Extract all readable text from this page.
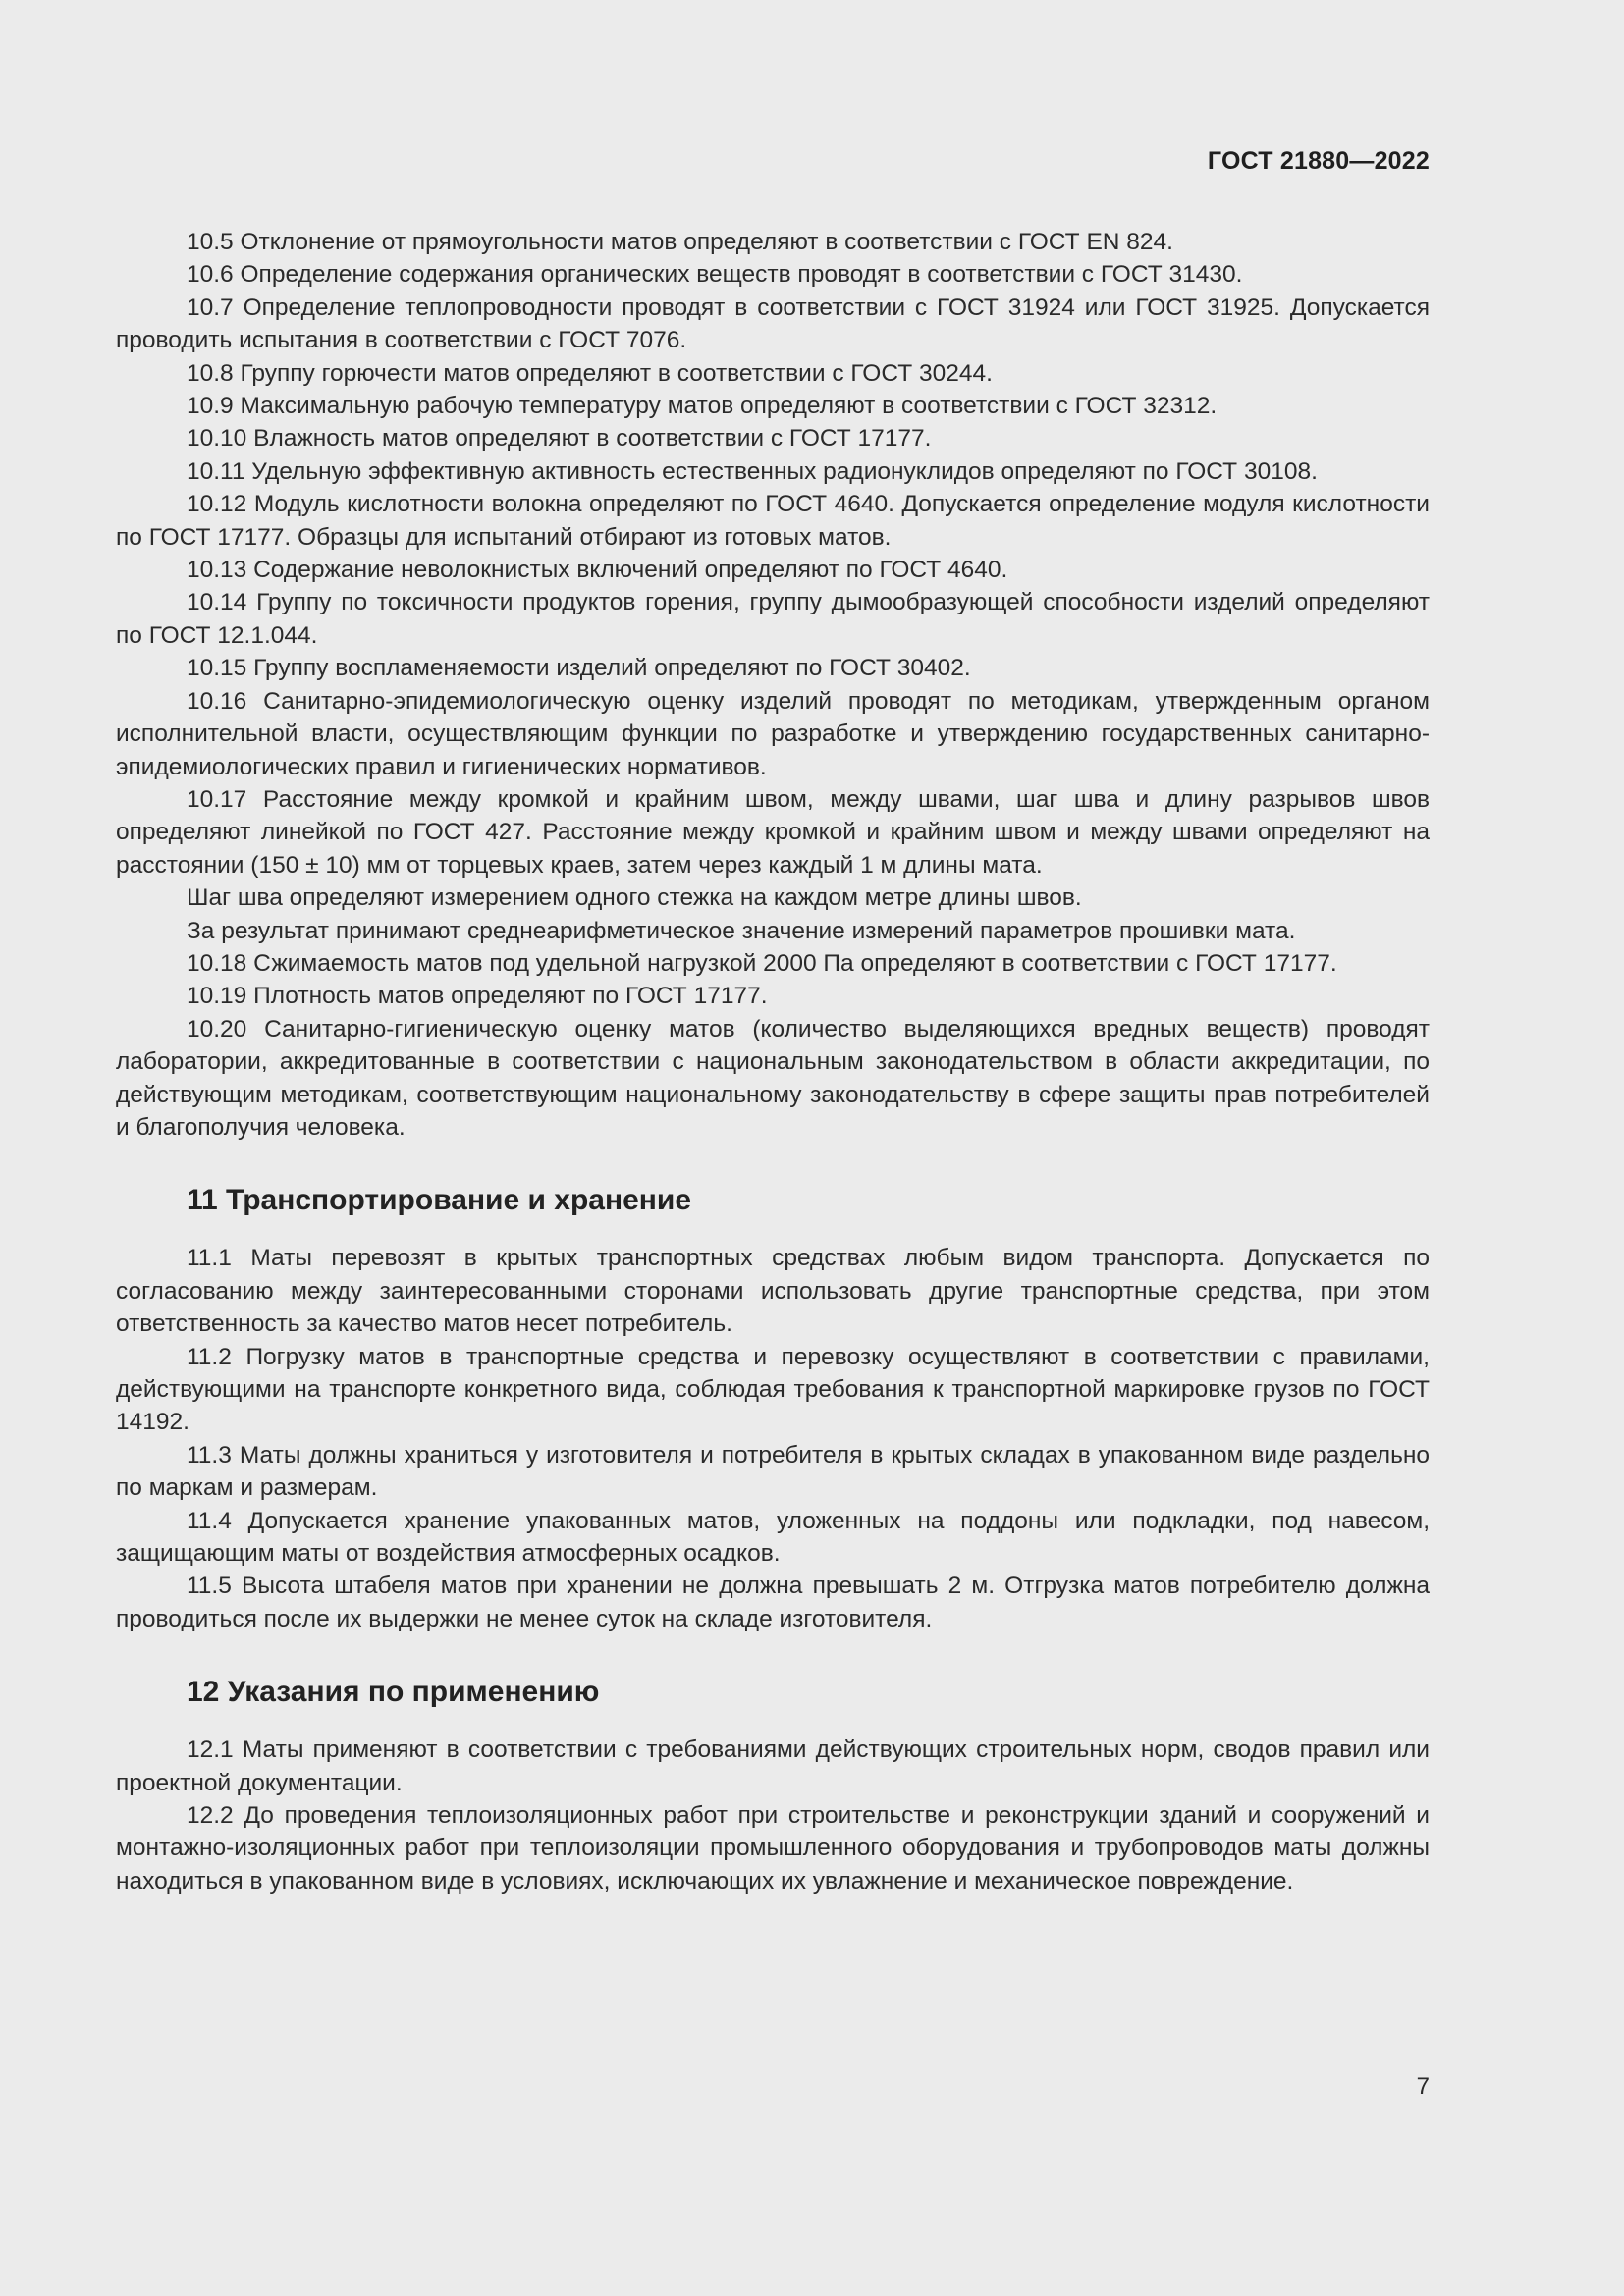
ГОСТ 21880—2022

10.5 Отклонение от прямоугольности матов определяют в соответствии с ГОСТ EN 824.

10.6 Определение содержания органических веществ проводят в соответствии с ГОСТ 31430.

10.7 Определение теплопроводности проводят в соответствии с ГОСТ 31924 или ГОСТ 31925. Допускается проводить испытания в соответствии с ГОСТ 7076.

10.8 Группу горючести матов определяют в соответствии с ГОСТ 30244.

10.9 Максимальную рабочую температуру матов определяют в соответствии с ГОСТ 32312.

10.10 Влажность матов определяют в соответствии с ГОСТ 17177.

10.11 Удельную эффективную активность естественных радионуклидов определяют по ГОСТ 30108.

10.12 Модуль кислотности волокна определяют по ГОСТ 4640. Допускается определение модуля кислотности по ГОСТ 17177. Образцы для испытаний отбирают из готовых матов.

10.13 Содержание неволокнистых включений определяют по ГОСТ 4640.

10.14 Группу по токсичности продуктов горения, группу дымообразующей способности изделий определяют по ГОСТ 12.1.044.

10.15 Группу воспламеняемости изделий определяют по ГОСТ 30402.

10.16 Санитарно-эпидемиологическую оценку изделий проводят по методикам, утвержденным органом исполнительной власти, осуществляющим функции по разработке и утверждению государственных санитарно-эпидемиологических правил и гигиенических нормативов.

10.17 Расстояние между кромкой и крайним швом, между швами, шаг шва и длину разрывов швов определяют линейкой по ГОСТ 427. Расстояние между кромкой и крайним швом и между швами определяют на расстоянии (150 ± 10) мм от торцевых краев, затем через каждый 1 м длины мата.

Шаг шва определяют измерением одного стежка на каждом метре длины швов.

За результат принимают среднеарифметическое значение измерений параметров прошивки мата.

10.18 Сжимаемость матов под удельной нагрузкой 2000 Па определяют в соответствии с ГОСТ 17177.

10.19 Плотность матов определяют по ГОСТ 17177.

10.20 Санитарно-гигиеническую оценку матов (количество выделяющихся вредных веществ) проводят лаборатории, аккредитованные в соответствии с национальным законодательством в области аккредитации, по действующим методикам, соответствующим национальному законодательству в сфере защиты прав потребителей и благополучия человека.

11 Транспортирование и хранение

11.1 Маты перевозят в крытых транспортных средствах любым видом транспорта. Допускается по согласованию между заинтересованными сторонами использовать другие транспортные средства, при этом ответственность за качество матов несет потребитель.

11.2 Погрузку матов в транспортные средства и перевозку осуществляют в соответствии с правилами, действующими на транспорте конкретного вида, соблюдая требования к транспортной маркировке грузов по ГОСТ 14192.

11.3 Маты должны храниться у изготовителя и потребителя в крытых складах в упакованном виде раздельно по маркам и размерам.

11.4 Допускается хранение упакованных матов, уложенных на поддоны или подкладки, под навесом, защищающим маты от воздействия атмосферных осадков.

11.5 Высота штабеля матов при хранении не должна превышать 2 м. Отгрузка матов потребителю должна проводиться после их выдержки не менее суток на складе изготовителя.

12 Указания по применению

12.1 Маты применяют в соответствии с требованиями действующих строительных норм, сводов правил или проектной документации.

12.2 До проведения теплоизоляционных работ при строительстве и реконструкции зданий и сооружений и монтажно-изоляционных работ при теплоизоляции промышленного оборудования и трубопроводов маты должны находиться в упакованном виде в условиях, исключающих их увлажнение и механическое повреждение.

7
